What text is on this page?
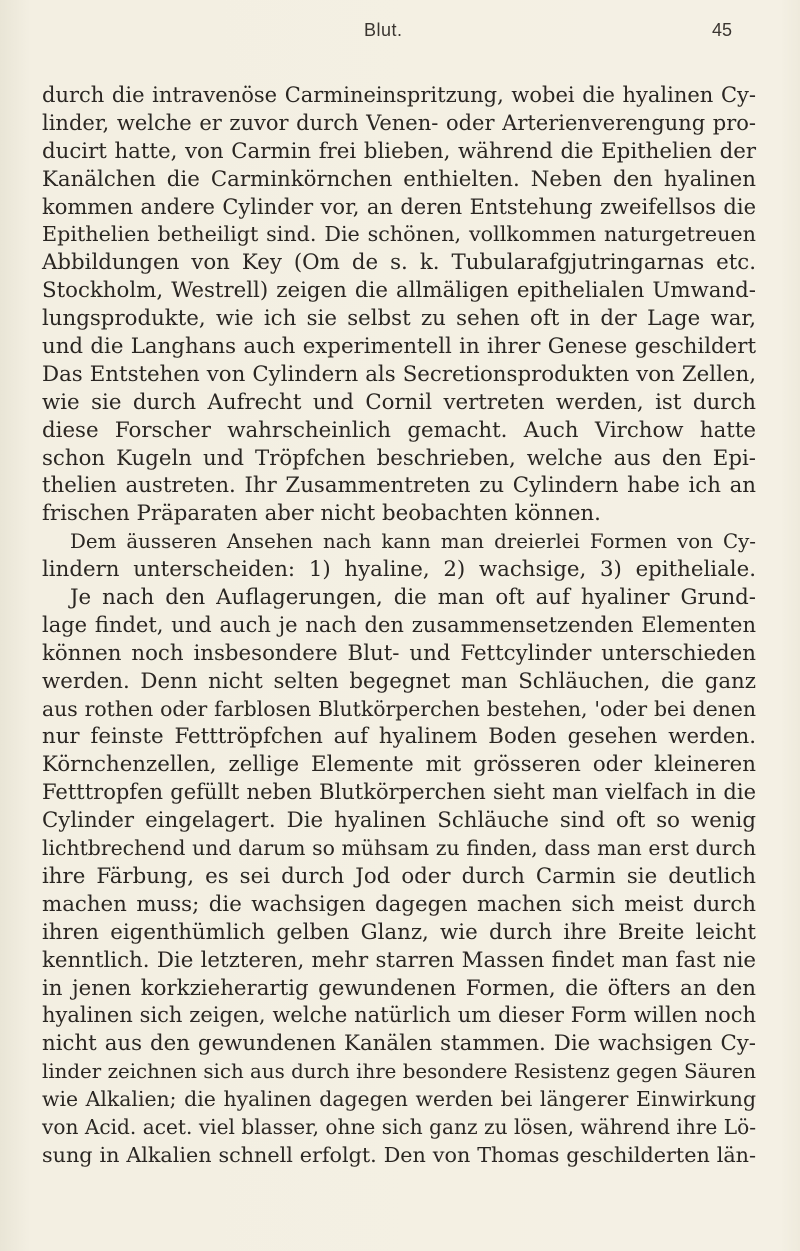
Blut.	45
durch die intravenöse Carmineinspritzung, wobei die hyalinen Cy-
linder, welche er zuvor durch Venen- oder Arterienverengung pro-
ducirt hatte, von Carmin frei blieben, während die Epithelien der
Kanälchen die Carminkörnchen enthielten. Neben den hyalinen
kommen andere Cylinder vor, an deren Entstehung zweifellsos die
Epithelien betheiligt sind. Die schönen, vollkommen naturgetreuen
Abbildungen von Key (Om de s. k. Tubularafgjutringarnas etc.
Stockholm, Westrell) zeigen die allmäligen epithelialen Umwand-
lungsprodukte, wie ich sie selbst zu sehen oft in der Lage war,
und die Langhans auch experimentell in ihrer Genese geschildert
Das Entstehen von Cylindern als Secretionsprodukten von Zellen,
wie sie durch Aufrecht und Cornil vertreten werden, ist durch
diese Forscher wahrscheinlich gemacht. Auch Virchow hatte
schon Kugeln und Tröpfchen beschrieben, welche aus den Epi-
thelien austreten. Ihr Zusammentreten zu Cylindern habe ich an
frischen Präparaten aber nicht beobachten können.
Dem äusseren Ansehen nach kann man dreierlei Formen von Cy-
lindern unterscheiden: 1) hyaline, 2) wachsige, 3) epitheliale.
Je nach den Auflagerungen, die man oft auf hyaliner Grund-
lage findet, und auch je nach den zusammensetzenden Elementen
können noch insbesondere Blut- und Fettcylinder unterschieden
werden. Denn nicht selten begegnet man Schläuchen, die ganz
aus rothen oder farblosen Blutkörperchen bestehen, 'oder bei denen
nur feinste Fetttröpfchen auf hyalinem Boden gesehen werden.
Körnchenzellen, zellige Elemente mit grösseren oder kleineren
Fetttropfen gefüllt neben Blutkörperchen sieht man vielfach in die
Cylinder eingelagert. Die hyalinen Schläuche sind oft so wenig
lichtbrechend und darum so mühsam zu finden, dass man erst durch
ihre Färbung, es sei durch Jod oder durch Carmin sie deutlich
machen muss; die wachsigen dagegen machen sich meist durch
ihren eigenthümlich gelben Glanz, wie durch ihre Breite leicht
kenntlich. Die letzteren, mehr starren Massen findet man fast nie
in jenen korkzieherartig gewundenen Formen, die öfters an den
hyalinen sich zeigen, welche natürlich um dieser Form willen noch
nicht aus den gewundenen Kanälen stammen. Die wachsigen Cy-
linder zeichnen sich aus durch ihre besondere Resistenz gegen Säuren
wie Alkalien; die hyalinen dagegen werden bei längerer Einwirkung
von Acid. acet. viel blasser, ohne sich ganz zu lösen, während ihre Lö-
sung in Alkalien schnell erfolgt. Den von Thomas geschilderten län-
